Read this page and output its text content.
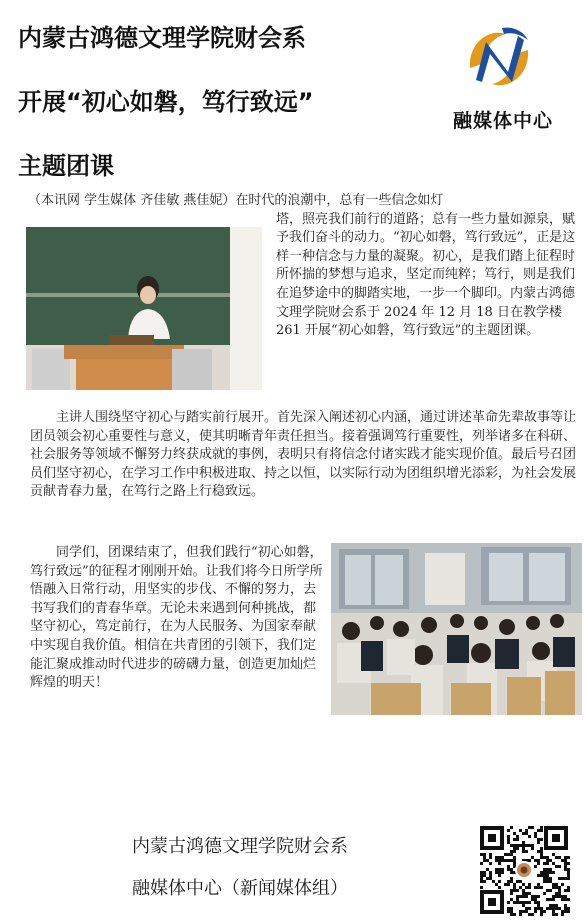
内蒙古鸿德文理学院财会系
开展“初心如磐，笃行致远”
主题团课
融媒体中心
（本讯网 学生媒体 齐佳敏 燕佳妮）在时代的浪潮中，总有一些信念如灯
塔，照亮我们前行的道路；总有一些力量如源泉，赋予我们奋斗的动力。“初心如磐，笃行致远”，正是这样一种信念与力量的凝聚。初心，是我们踏上征程时所怀揣的梦想与追求，坚定而纯粹；笃行，则是我们在追梦途中的脚踏实地，一步一个脚印。内蒙古鸿德文理学院财会系于 2024 年 12 月 18 日在教学楼 261 开展“初心如磐，笃行致远”的主题团课。
主讲人围绕坚守初心与踏实前行展开。首先深入阐述初心内涵，通过讲述革命先辈故事等让团员领会初心重要性与意义，使其明晰青年责任担当。接着强调笃行重要性，列举诸多在科研、社会服务等领域不懈努力终获成就的事例，表明只有将信念付诸实践才能实现价值。最后号召团员们坚守初心，在学习工作中积极进取、持之以恒，以实际行动为团组织增光添彩，为社会发展贡献青春力量，在笃行之路上行稳致远。
同学们，团课结束了，但我们践行“初心如磐，笃行致远”的征程才刚刚开始。让我们将今日所学所悟融入日常行动，用坚实的步伐、不懈的努力，去书写我们的青春华章。无论未来遇到何种挑战，都坚守初心，笃定前行，在为人民服务、为国家奉献中实现自我价值。相信在共青团的引领下，我们定能汇聚成推动时代进步的磅礴力量，创造更加灿烂辉煌的明天！
内蒙古鸿德文理学院财会系
融媒体中心（新闻媒体组）
